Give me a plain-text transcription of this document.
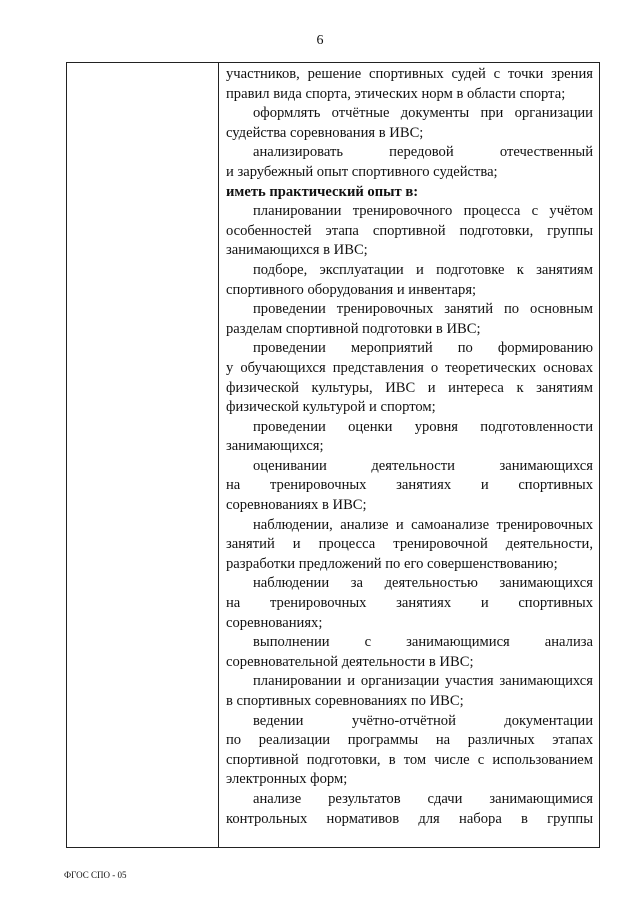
6
участников, решение спортивных судей с точки зрения
правил вида спорта, этических норм в области спорта;
оформлять отчётные документы при организации
судейства соревнования в ИВС;
анализировать передовой отечественный
и зарубежный опыт спортивного судейства;
иметь практический опыт в:
планировании тренировочного процесса с учётом
особенностей этапа спортивной подготовки, группы
занимающихся в ИВС;
подборе, эксплуатации и подготовке к занятиям
спортивного оборудования и инвентаря;
проведении тренировочных занятий по основным
разделам спортивной подготовки в ИВС;
проведении мероприятий по формированию
у обучающихся представления о теоретических основах
физической культуры, ИВС и интереса к занятиям
физической культурой и спортом;
проведении оценки уровня подготовленности
занимающихся;
оценивании деятельности занимающихся
на тренировочных занятиях и спортивных
соревнованиях в ИВС;
наблюдении, анализе и самоанализе тренировочных
занятий и процесса тренировочной деятельности,
разработки предложений по его совершенствованию;
наблюдении за деятельностью занимающихся
на тренировочных занятиях и спортивных
соревнованиях;
выполнении с занимающимися анализа
соревновательной деятельности в ИВС;
планировании и организации участия занимающихся
в спортивных соревнованиях по ИВС;
ведении учётно-отчётной документации
по реализации программы на различных этапах
спортивной подготовки, в том числе с использованием
электронных форм;
анализе результатов сдачи занимающимися
контрольных нормативов для набора в группы
ФГОС СПО - 05
